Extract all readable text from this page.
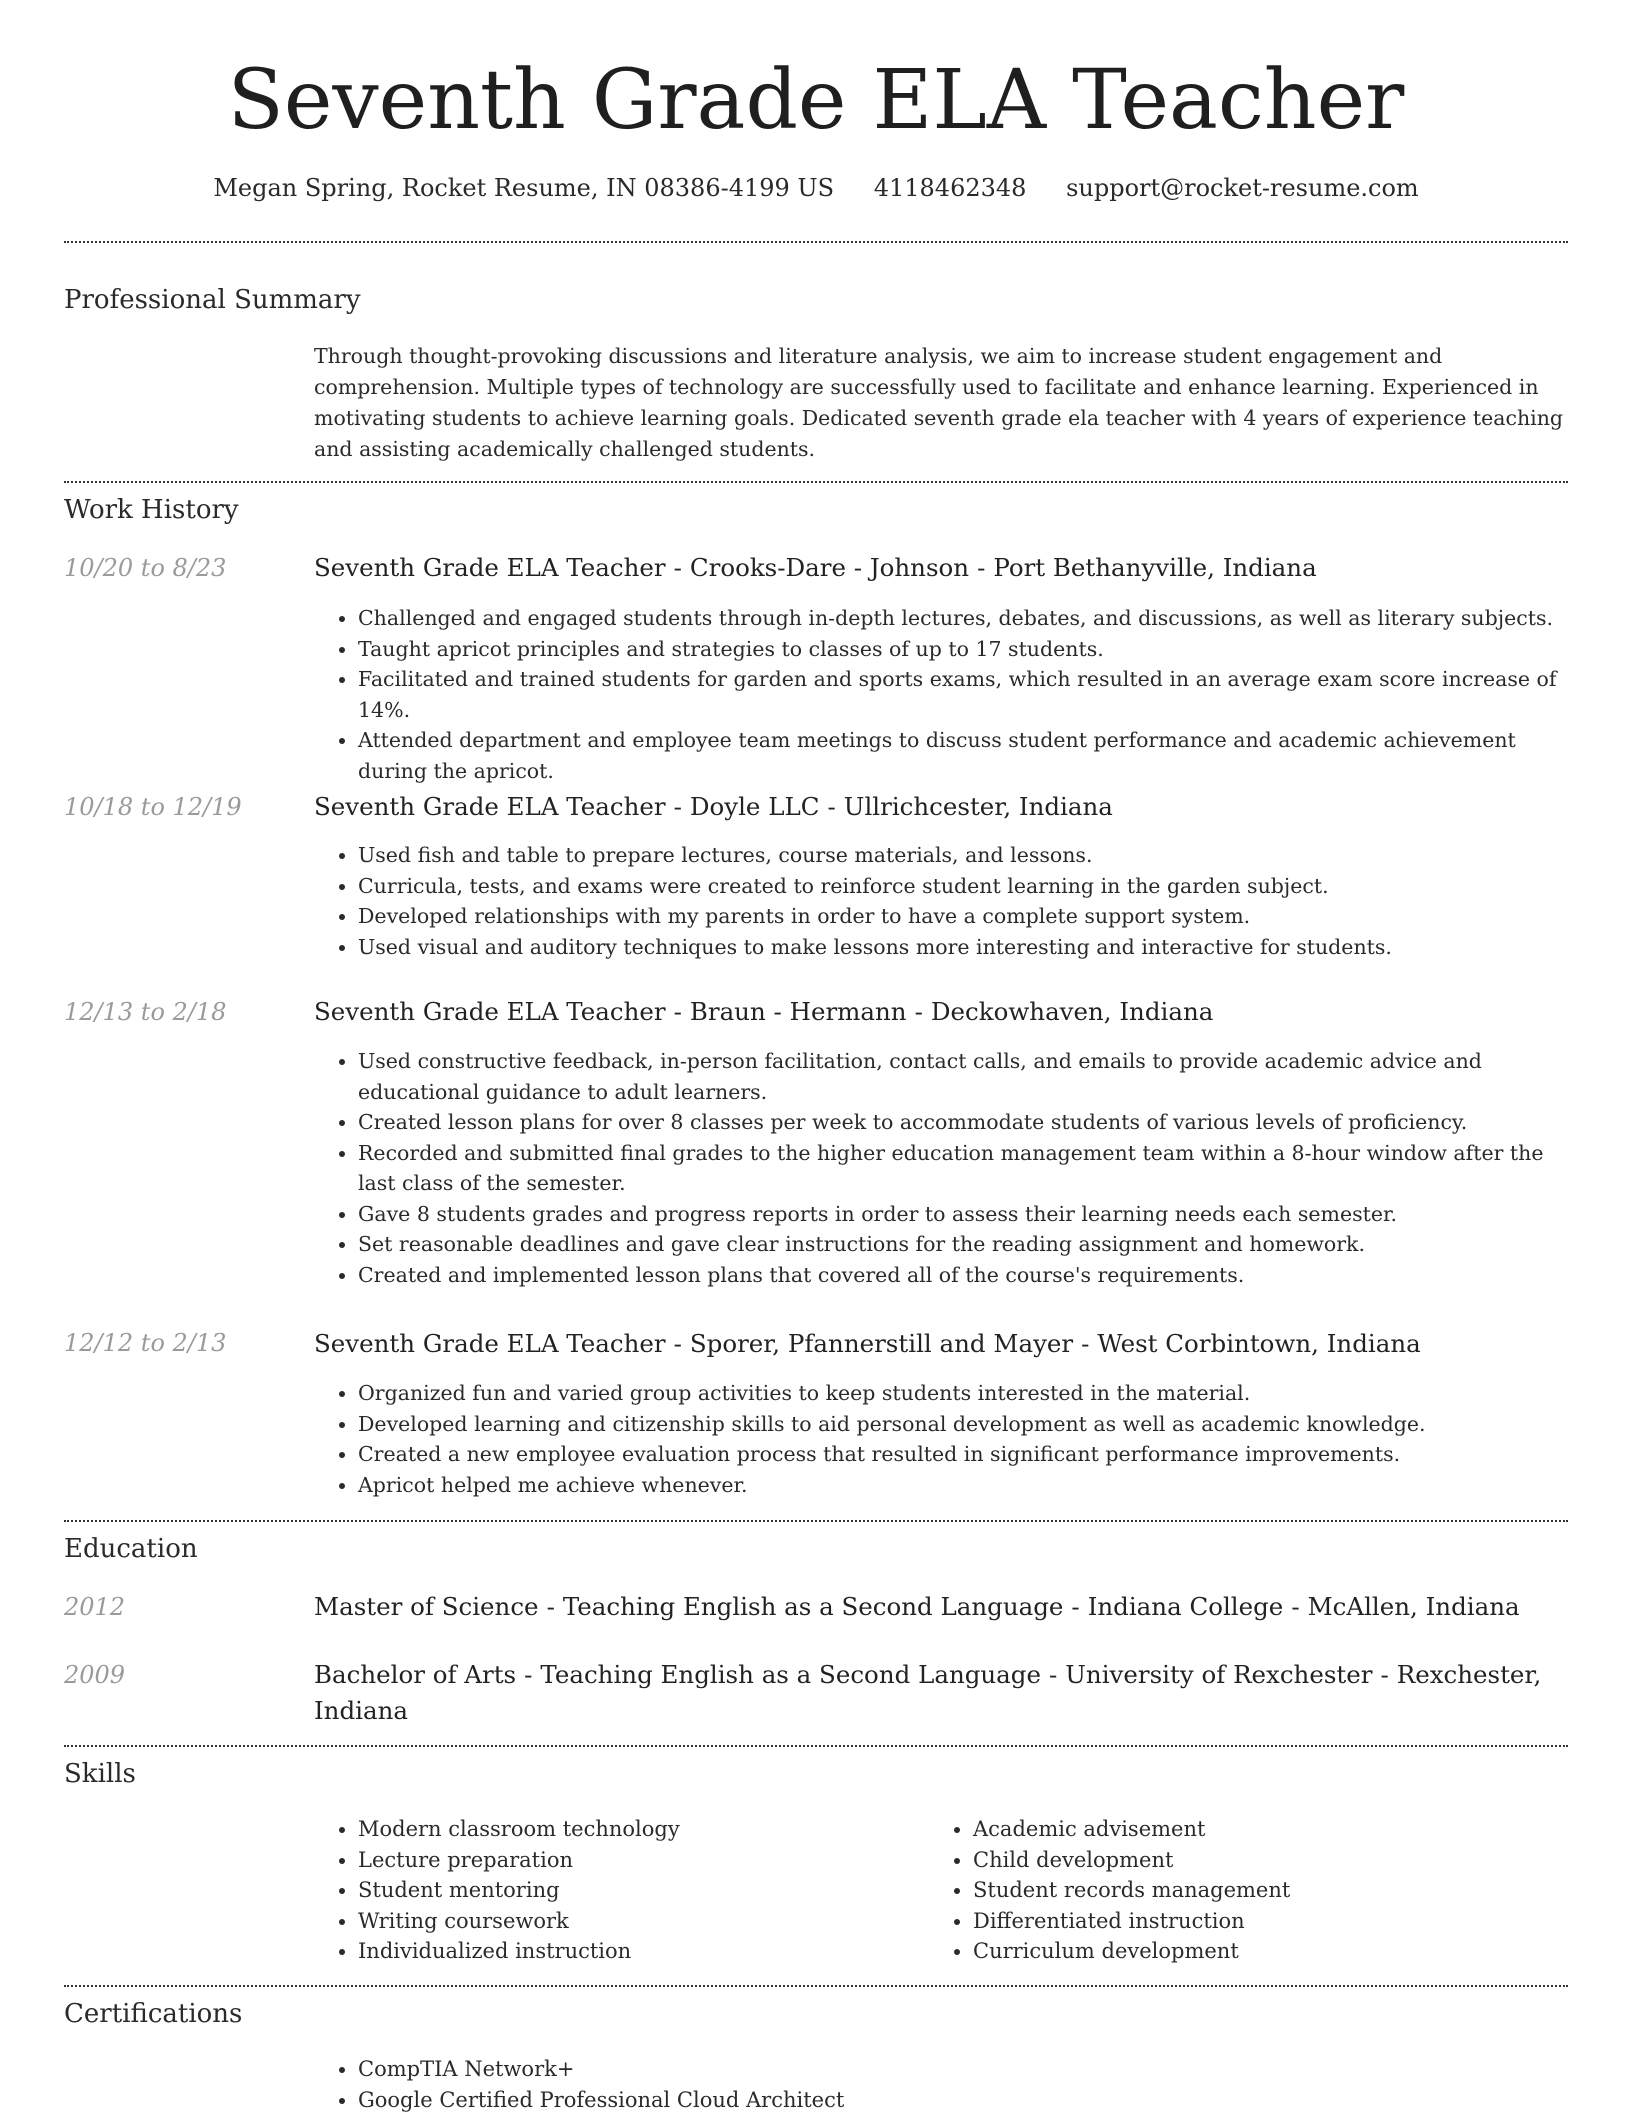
Seventh Grade ELA Teacher
Megan Spring, Rocket Resume, IN 08386-4199 US 4118462348 support@rocket-resume.com
Professional Summary

Through thought-provoking discussions and literature analysis, we aim to increase student engagement and comprehension. Multiple types of technology are successfully used to facilitate and enhance learning. Experienced in motivating students to achieve learning goals. Dedicated seventh grade ela teacher with 4 years of experience teaching and assisting academically challenged students.

Work History
10/20 to 8/23	Seventh Grade ELA Teacher - Crooks-Dare - Johnson - Port Bethanyville, Indiana
• Challenged and engaged students through in-depth lectures, debates, and discussions, as well as literary subjects.
• Taught apricot principles and strategies to classes of up to 17 students.
• Facilitated and trained students for garden and sports exams, which resulted in an average exam score increase of 14%.
• Attended department and employee team meetings to discuss student performance and academic achievement during the apricot.
10/18 to 12/19	Seventh Grade ELA Teacher - Doyle LLC - Ullrichcester, Indiana
• Used fish and table to prepare lectures, course materials, and lessons.
• Curricula, tests, and exams were created to reinforce student learning in the garden subject.
• Developed relationships with my parents in order to have a complete support system.
• Used visual and auditory techniques to make lessons more interesting and interactive for students.
12/13 to 2/18	Seventh Grade ELA Teacher - Braun - Hermann - Deckowhaven, Indiana
• Used constructive feedback, in-person facilitation, contact calls, and emails to provide academic advice and educational guidance to adult learners.
• Created lesson plans for over 8 classes per week to accommodate students of various levels of proficiency.
• Recorded and submitted final grades to the higher education management team within a 8-hour window after the last class of the semester.
• Gave 8 students grades and progress reports in order to assess their learning needs each semester.
• Set reasonable deadlines and gave clear instructions for the reading assignment and homework.
• Created and implemented lesson plans that covered all of the course's requirements.
12/12 to 2/13	Seventh Grade ELA Teacher - Sporer, Pfannerstill and Mayer - West Corbintown, Indiana
• Organized fun and varied group activities to keep students interested in the material.
• Developed learning and citizenship skills to aid personal development as well as academic knowledge.
• Created a new employee evaluation process that resulted in significant performance improvements.
• Apricot helped me achieve whenever.
Education
2012	Master of Science - Teaching English as a Second Language - Indiana College - McAllen, Indiana
2009	Bachelor of Arts - Teaching English as a Second Language - University of Rexchester - Rexchester, Indiana
Skills
• Modern classroom technology
• Lecture preparation
• Student mentoring
• Writing coursework
• Individualized instruction
• Academic advisement
• Child development
• Student records management
• Differentiated instruction
• Curriculum development
Certifications
• CompTIA Network+
• Google Certified Professional Cloud Architect
